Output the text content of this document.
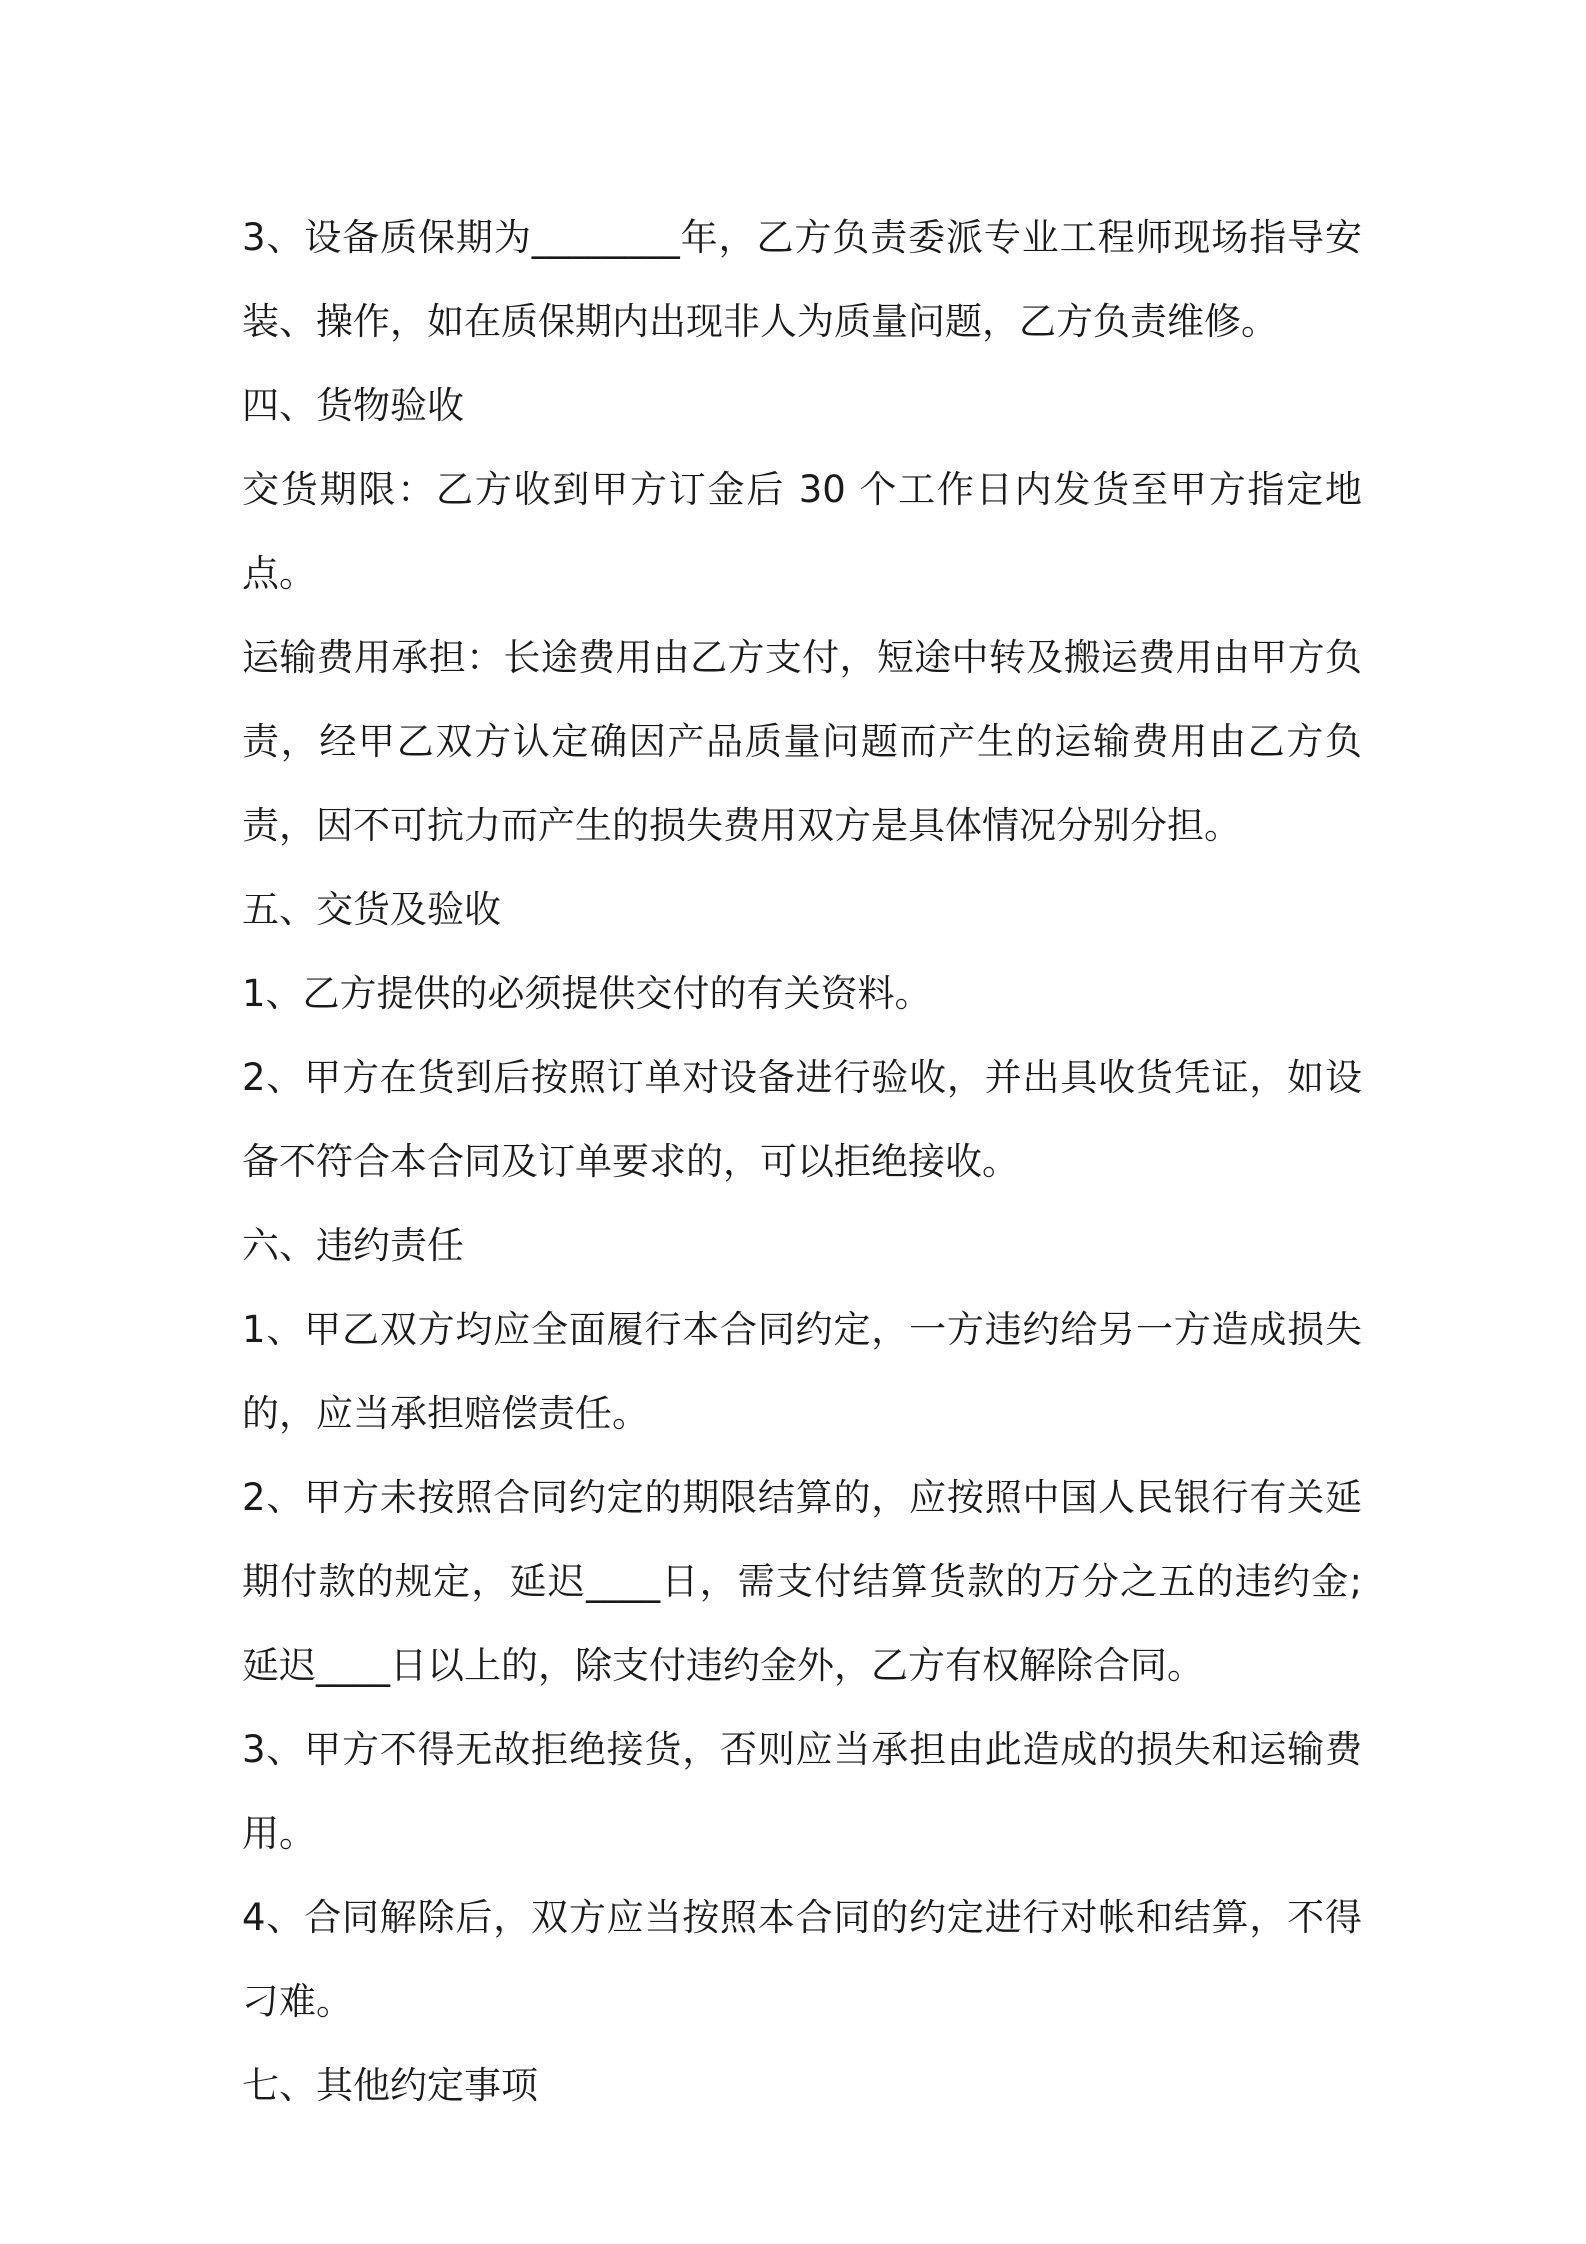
3、设备质保期为________年，乙方负责委派专业工程师现场指导安装、操作，如在质保期内出现非人为质量问题，乙方负责维修。

四、货物验收

交货期限：乙方收到甲方订金后 30 个工作日内发货至甲方指定地点。

运输费用承担：长途费用由乙方支付，短途中转及搬运费用由甲方负责，经甲乙双方认定确因产品质量问题而产生的运输费用由乙方负责，因不可抗力而产生的损失费用双方是具体情况分别分担。

五、交货及验收

1、乙方提供的必须提供交付的有关资料。

2、甲方在货到后按照订单对设备进行验收，并出具收货凭证，如设备不符合本合同及订单要求的，可以拒绝接收。

六、违约责任

1、甲乙双方均应全面履行本合同约定，一方违约给另一方造成损失的，应当承担赔偿责任。

2、甲方未按照合同约定的期限结算的，应按照中国人民银行有关延期付款的规定，延迟____日，需支付结算货款的万分之五的违约金;延迟____日以上的，除支付违约金外，乙方有权解除合同。

3、甲方不得无故拒绝接货，否则应当承担由此造成的损失和运输费用。

4、合同解除后，双方应当按照本合同的约定进行对帐和结算，不得刁难。

七、其他约定事项
